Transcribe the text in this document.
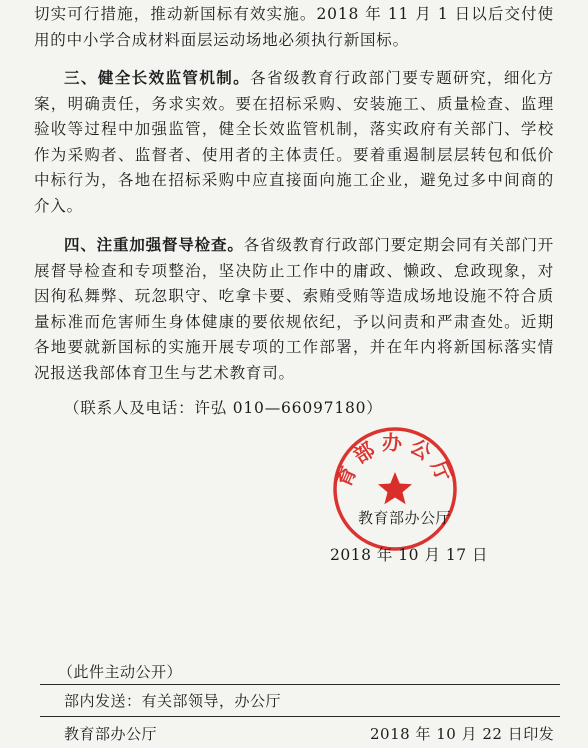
切实可行措施，推动新国标有效实施。2018 年 11 月 1 日以后交付使用的中小学合成材料面层运动场地必须执行新国标。

三、健全长效监管机制。各省级教育行政部门要专题研究，细化方案，明确责任，务求实效。要在招标采购、安装施工、质量检查、监理验收等过程中加强监管，健全长效监管机制，落实政府有关部门、学校作为采购者、监督者、使用者的主体责任。要着重遏制层层转包和低价中标行为，各地在招标采购中应直接面向施工企业，避免过多中间商的介入。

四、注重加强督导检查。各省级教育行政部门要定期会同有关部门开展督导检查和专项整治，坚决防止工作中的庸政、懒政、怠政现象，对因徇私舞弊、玩忽职守、吃拿卡要、索贿受贿等造成场地设施不符合质量标准而危害师生身体健康的要依规依纪，予以问责和严肃查处。近期各地要就新国标的实施开展专项的工作部署，并在年内将新国标落实情况报送我部体育卫生与艺术教育司。

（联系人及电话：许弘 010—66097180）
育部办公厅
教育部办公厅
2018 年 10 月 17 日
（此件主动公开）
部内发送：有关部领导，办公厅
教育部办公厅	2018 年 10 月 22 日印发
